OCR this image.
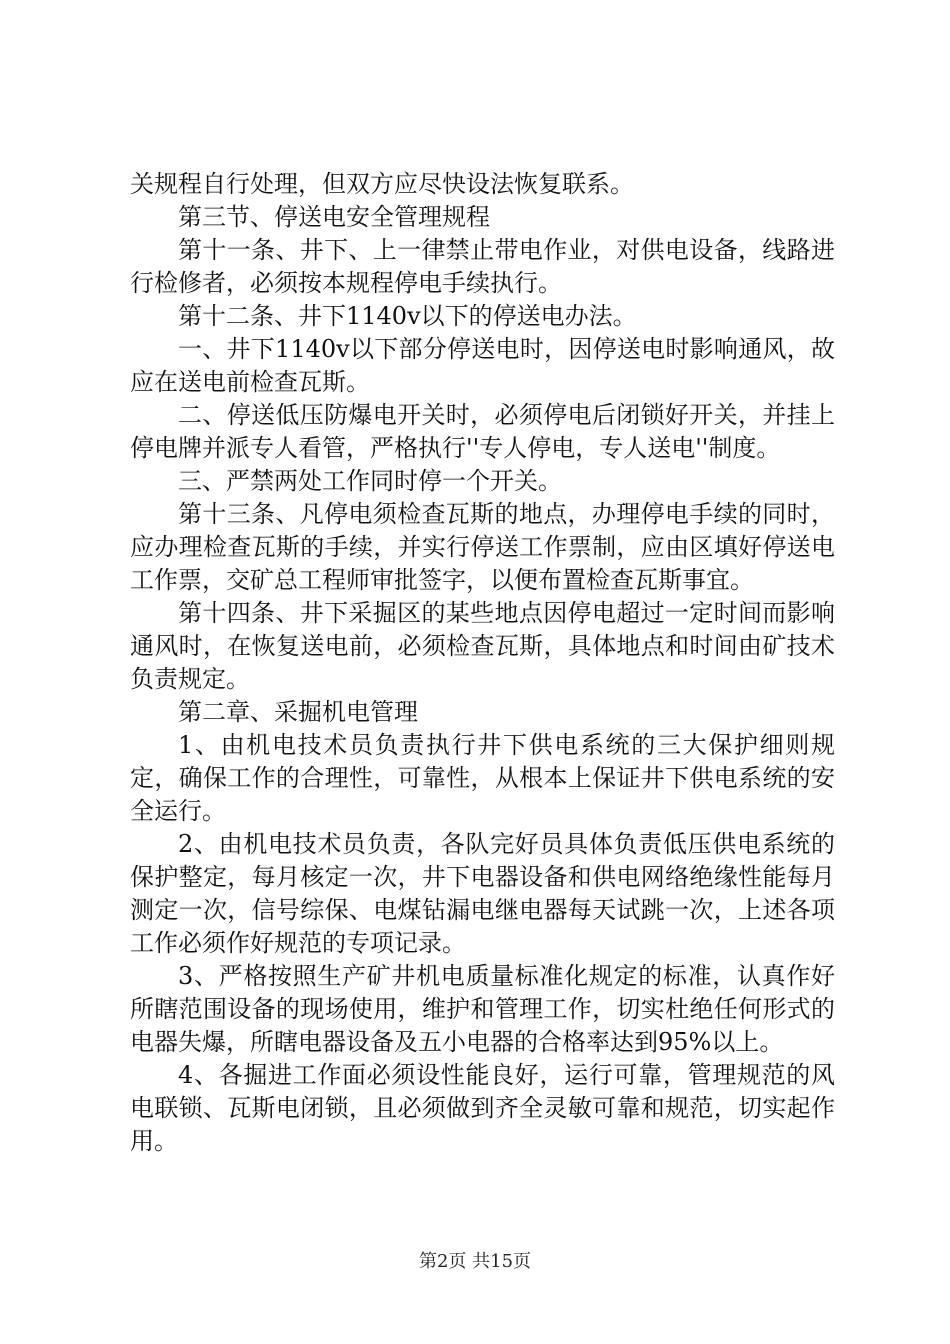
关规程自行处理，但双方应尽快设法恢复联系。

第三节、停送电安全管理规程

第十一条、井下、上一律禁止带电作业，对供电设备，线路进行检修者，必须按本规程停电手续执行。

第十二条、井下1140v以下的停送电办法。

一、井下1140v以下部分停送电时，因停送电时影响通风，故应在送电前检查瓦斯。

二、停送低压防爆电开关时，必须停电后闭锁好开关，并挂上停电牌并派专人看管，严格执行''专人停电，专人送电''制度。

三、严禁两处工作同时停一个开关。

第十三条、凡停电须检查瓦斯的地点，办理停电手续的同时，应办理检查瓦斯的手续，并实行停送工作票制，应由区填好停送电工作票，交矿总工程师审批签字，以便布置检查瓦斯事宜。

第十四条、井下采掘区的某些地点因停电超过一定时间而影响通风时，在恢复送电前，必须检查瓦斯，具体地点和时间由矿技术负责规定。

第二章、采掘机电管理

1、由机电技术员负责执行井下供电系统的三大保护细则规定，确保工作的合理性，可靠性，从根本上保证井下供电系统的安全运行。

2、由机电技术员负责，各队完好员具体负责低压供电系统的保护整定，每月核定一次，井下电器设备和供电网络绝缘性能每月测定一次，信号综保、电煤钻漏电继电器每天试跳一次，上述各项工作必须作好规范的专项记录。

3、严格按照生产矿井机电质量标准化规定的标准，认真作好所瞎范围设备的现场使用，维护和管理工作，切实杜绝任何形式的电器失爆，所瞎电器设备及五小电器的合格率达到95%以上。

4、各掘进工作面必须设性能良好，运行可靠，管理规范的风电联锁、瓦斯电闭锁，且必须做到齐全灵敏可靠和规范，切实起作用。

第2页 共15页
